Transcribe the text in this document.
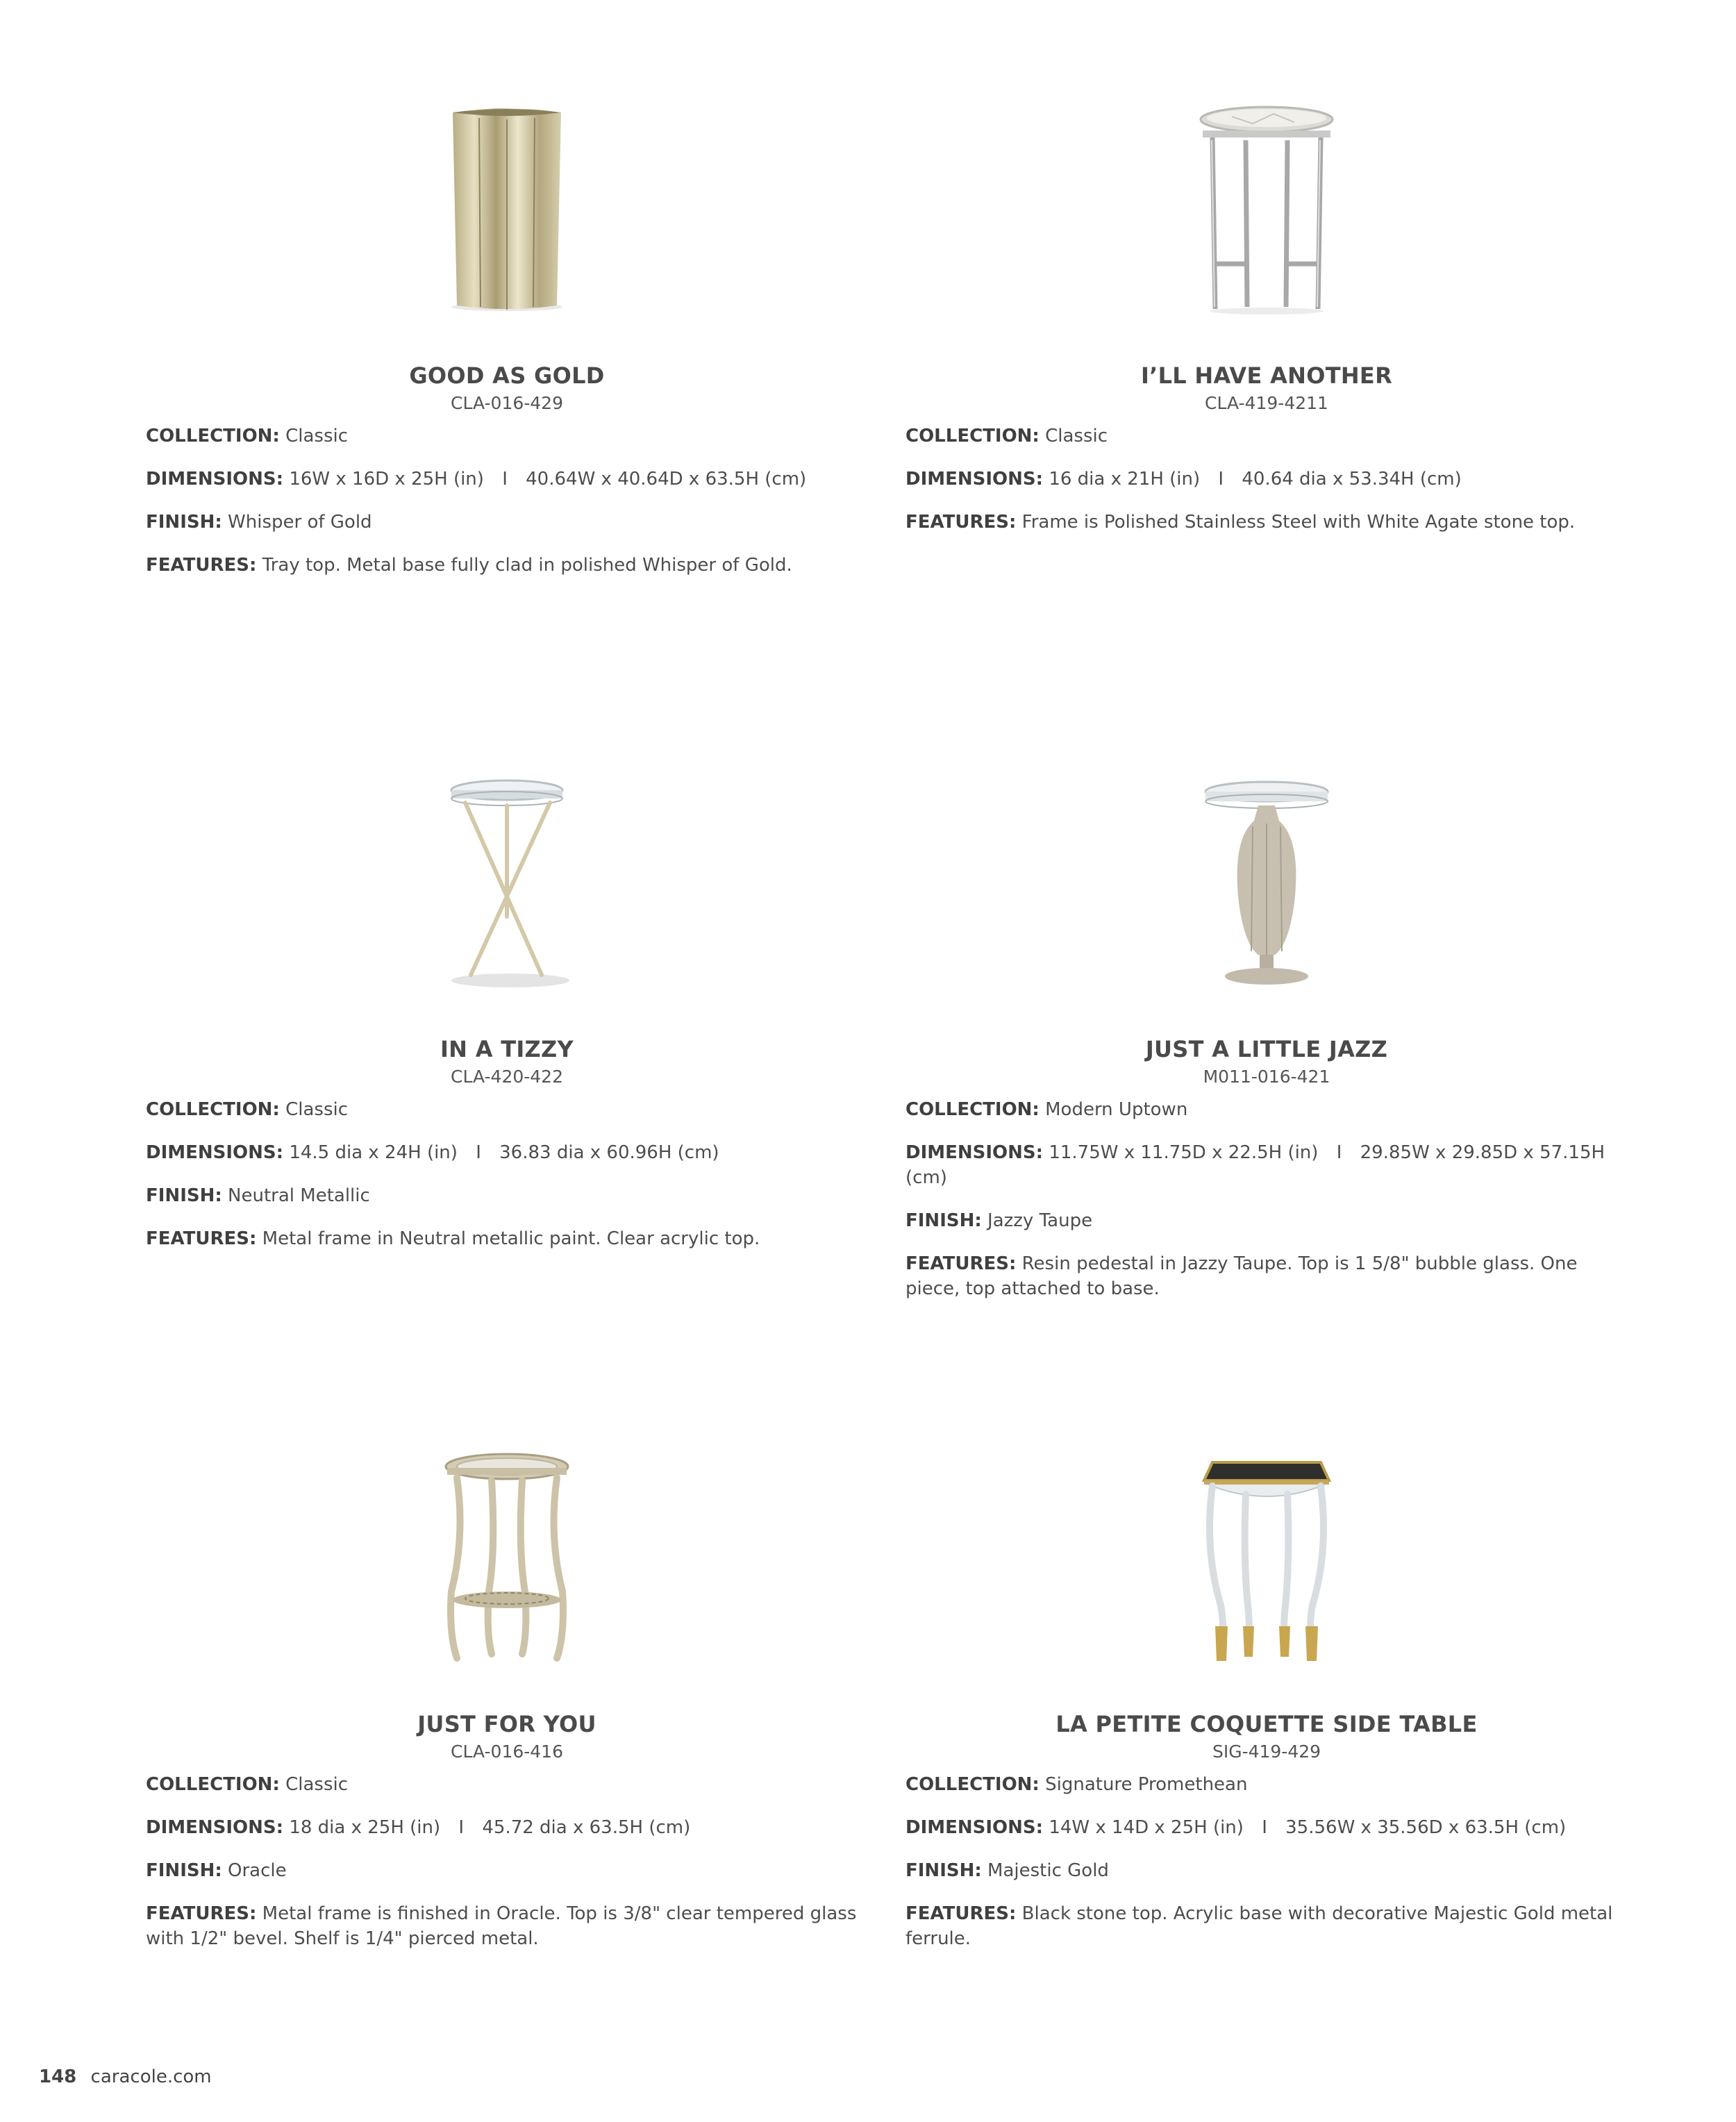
GOOD AS GOLD
CLA-016-429
COLLECTION: Classic
DIMENSIONS: 16W x 16D x 25H (in) I 40.64W x 40.64D x 63.5H (cm)
FINISH: Whisper of Gold
FEATURES: Tray top. Metal base fully clad in polished Whisper of Gold.
I’LL HAVE ANOTHER
CLA-419-4211
COLLECTION: Classic
DIMENSIONS: 16 dia x 21H (in) I 40.64 dia x 53.34H (cm)
FEATURES: Frame is Polished Stainless Steel with White Agate stone top.
IN A TIZZY
CLA-420-422
COLLECTION: Classic
DIMENSIONS: 14.5 dia x 24H (in) I 36.83 dia x 60.96H (cm)
FINISH: Neutral Metallic
FEATURES: Metal frame in Neutral metallic paint. Clear acrylic top.
JUST A LITTLE JAZZ
M011-016-421
COLLECTION: Modern Uptown
DIMENSIONS: 11.75W x 11.75D x 22.5H (in) I 29.85W x 29.85D x 57.15H (cm)
FINISH: Jazzy Taupe
FEATURES: Resin pedestal in Jazzy Taupe. Top is 1 5/8" bubble glass. One piece, top attached to base.
JUST FOR YOU
CLA-016-416
COLLECTION: Classic
DIMENSIONS: 18 dia x 25H (in) I 45.72 dia x 63.5H (cm)
FINISH: Oracle
FEATURES: Metal frame is finished in Oracle. Top is 3/8" clear tempered glass with 1/2" bevel. Shelf is 1/4" pierced metal.
LA PETITE COQUETTE SIDE TABLE
SIG-419-429
COLLECTION: Signature Promethean
DIMENSIONS: 14W x 14D x 25H (in) I 35.56W x 35.56D x 63.5H (cm)
FINISH: Majestic Gold
FEATURES: Black stone top. Acrylic base with decorative Majestic Gold metal ferrule.
148 caracole.com
